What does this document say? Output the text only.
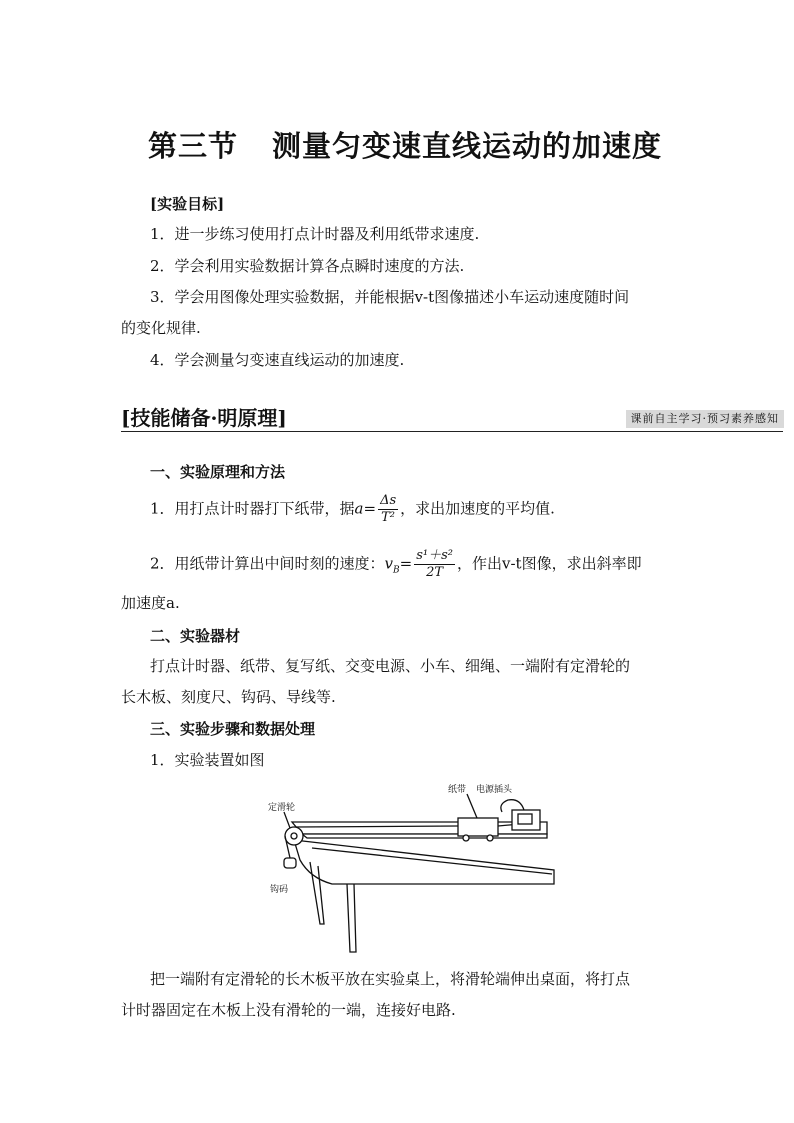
第三节 测量匀变速直线运动的加速度
[实验目标]
1．进一步练习使用打点计时器及利用纸带求速度.
2．学会利用实验数据计算各点瞬时速度的方法.
3．学会用图像处理实验数据，并能根据v-t图像描述小车运动速度随时间
的变化规律.
4．学会测量匀变速直线运动的加速度.
[技能储备·明原理]	课前自主学习·预习素养感知
一、实验原理和方法
1．用打点计时器打下纸带，据$a= \frac{\Delta s}{\text{T²}}$ ，求出加速度的平均值.
2．用纸带计算出中间时刻的速度：$v_B= \frac{\text{s¹＋s²}}{2T}$ ，作出v-t图像，求出斜率即
加速度a.
二、实验器材
打点计时器、纸带、复写纸、交变电源、小车、细绳、一端附有定滑轮的
长木板、刻度尺、钩码、导线等.
三、实验步骤和数据处理
1．实验装置如图
定滑轮
纸带 电源插头
钩码
把一端附有定滑轮的长木板平放在实验桌上，将滑轮端伸出桌面，将打点
计时器固定在木板上没有滑轮的一端，连接好电路.
